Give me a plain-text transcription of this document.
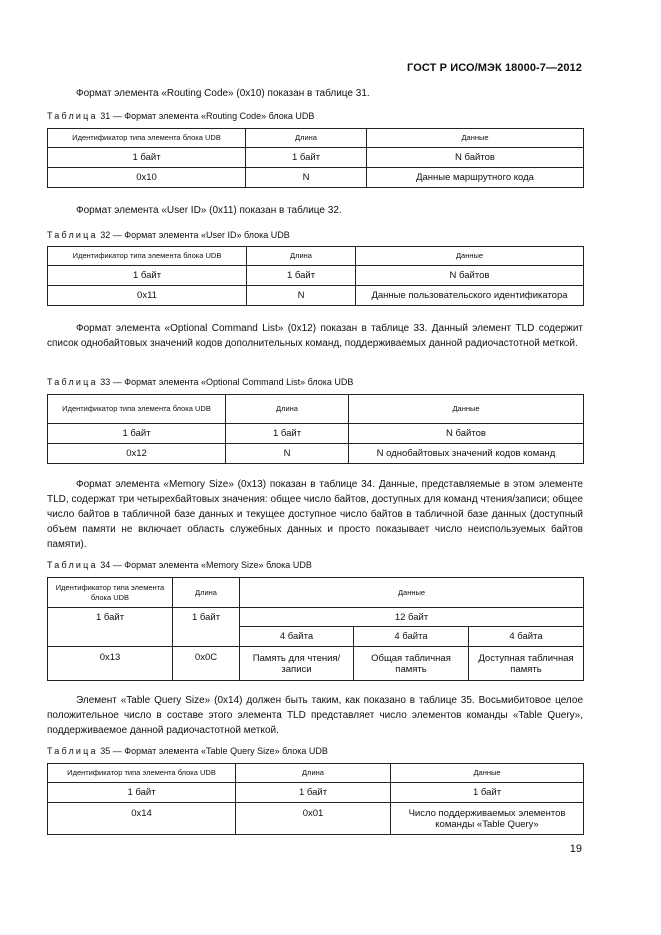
ГОСТ Р ИСО/МЭК 18000-7—2012

Формат элемента «Routing Code» (0x10) показан в таблице 31.

Таблица 31 — Формат элемента «Routing Code» блока UDB
Идентификатор типа элемента блока UDB	Длина	Данные
1 байт	1 байт	N байтов
0x10	N	Данные маршрутного кода

Формат элемента «User ID» (0x11) показан в таблице 32.

Таблица 32 — Формат элемента «User ID» блока UDB
Идентификатор типа элемента блока UDB	Длина	Данные
1 байт	1 байт	N байтов
0x11	N	Данные пользовательского идентификатора

Формат элемента «Optional Command List» (0x12) показан в таблице 33. Данный элемент TLD содержит список однобайтовых значений кодов дополнительных команд, поддерживаемых данной радиочастотной меткой.

Таблица 33 — Формат элемента «Optional Command List» блока UDB
Идентификатор типа элемента блока UDB	Длина	Данные
1 байт	1 байт	N байтов
0x12	N	N однобайтовых значений кодов команд

Формат элемента «Memory Size» (0x13) показан в таблице 34. Данные, представляемые в этом элементе TLD, содержат три четырехбайтовых значения: общее число байтов, доступных для команд чтения/записи; общее число байтов в табличной базе данных и текущее доступное число байтов в табличной базе данных (доступный объем памяти не включает область служебных данных и просто показывает число неиспользуемых байтов памяти).

Таблица 34 — Формат элемента «Memory Size» блока UDB
Идентификатор типа элемента блока UDB	Длина	Данные		
1 байт	1 байт	12 байт		
		4 байта	4 байта	4 байта
0x13	0x0C	Память для чтения/записи	Общая табличная память	Доступная табличная память

Элемент «Table Query Size» (0x14) должен быть таким, как показано в таблице 35. Восьмибитовое целое положительное число в составе этого элемента TLD представляет число элементов команды «Table Query», поддерживаемое данной радиочастотной меткой.

Таблица 35 — Формат элемента «Table Query Size» блока UDB
Идентификатор типа элемента блока UDB	Длина	Данные
1 байт	1 байт	1 байт
0x14	0x01	Число поддерживаемых элементов команды «Table Query»
19
